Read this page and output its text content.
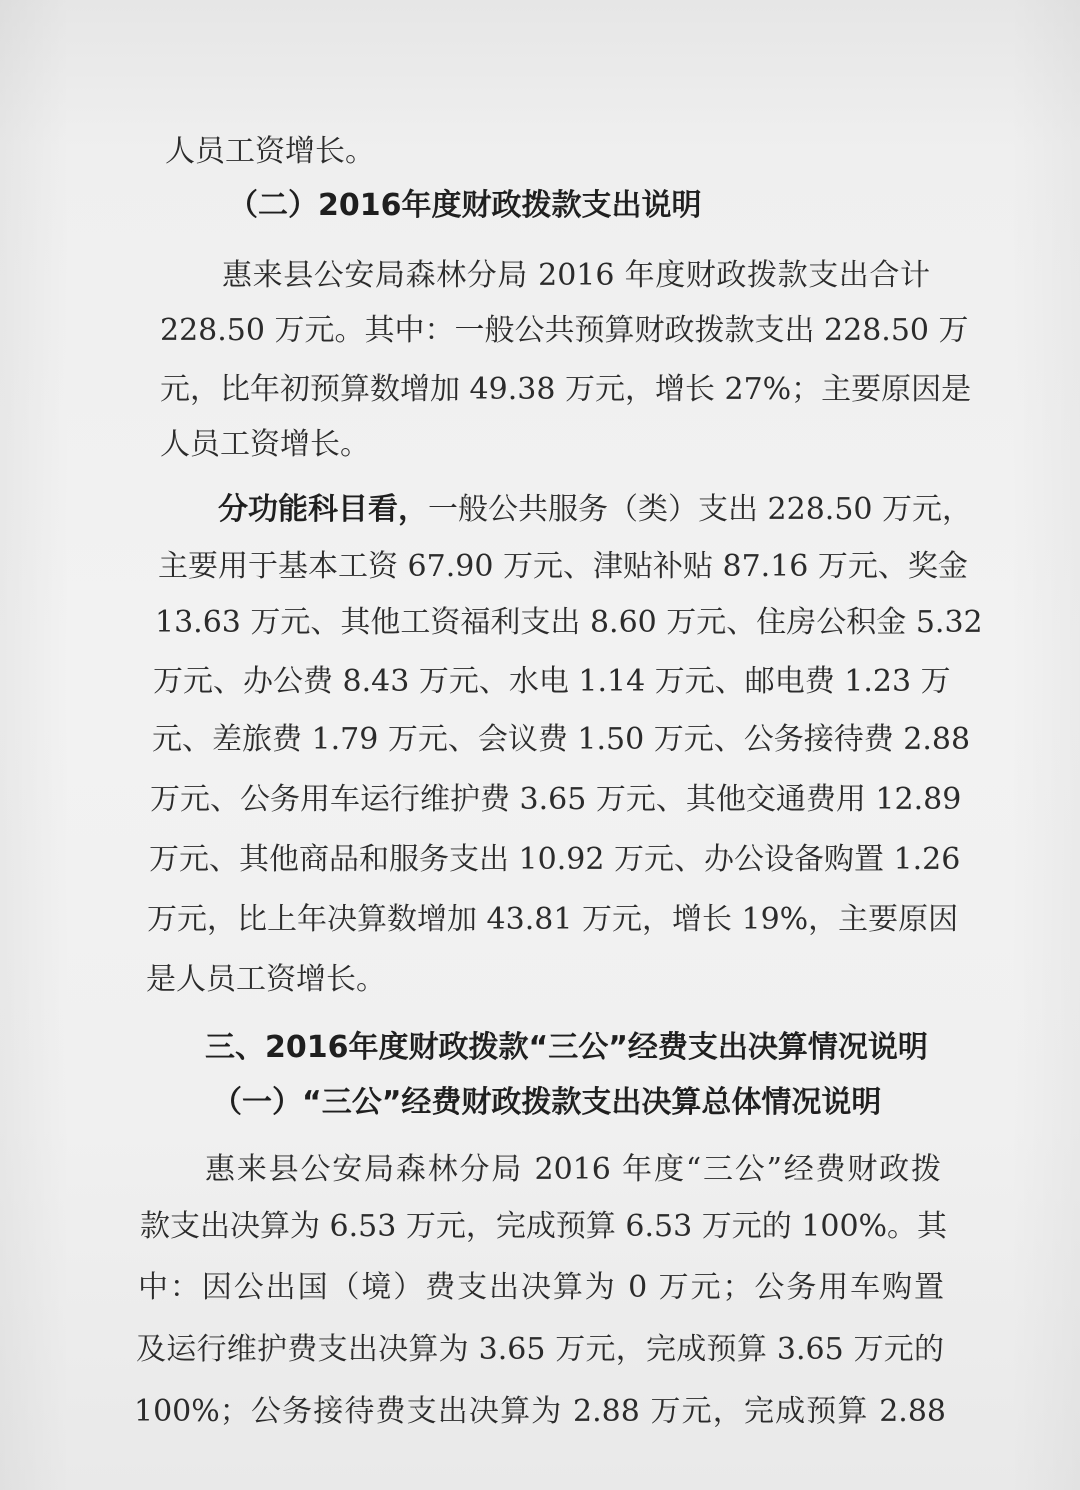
人员工资增长。
（二）2016年度财政拨款支出说明
惠来县公安局森林分局 2016 年度财政拨款支出合计
228.50 万元。其中：一般公共预算财政拨款支出 228.50 万
元，比年初预算数增加 49.38 万元，增长 27%；主要原因是
人员工资增长。
分功能科目看，一般公共服务（类）支出 228.50 万元，
主要用于基本工资 67.90 万元、津贴补贴 87.16 万元、奖金
13.63 万元、其他工资福利支出 8.60 万元、住房公积金 5.32
万元、办公费 8.43 万元、水电 1.14 万元、邮电费 1.23 万
元、差旅费 1.79 万元、会议费 1.50 万元、公务接待费 2.88
万元、公务用车运行维护费 3.65 万元、其他交通费用 12.89
万元、其他商品和服务支出 10.92 万元、办公设备购置 1.26
万元，比上年决算数增加 43.81 万元，增长 19%，主要原因
是人员工资增长。
三、2016年度财政拨款“三公”经费支出决算情况说明
（一）“三公”经费财政拨款支出决算总体情况说明
惠来县公安局森林分局 2016 年度“三公”经费财政拨
款支出决算为 6.53 万元，完成预算 6.53 万元的 100%。其
中：因公出国（境）费支出决算为 0 万元；公务用车购置
及运行维护费支出决算为 3.65 万元，完成预算 3.65 万元的
100%；公务接待费支出决算为 2.88 万元，完成预算 2.88
